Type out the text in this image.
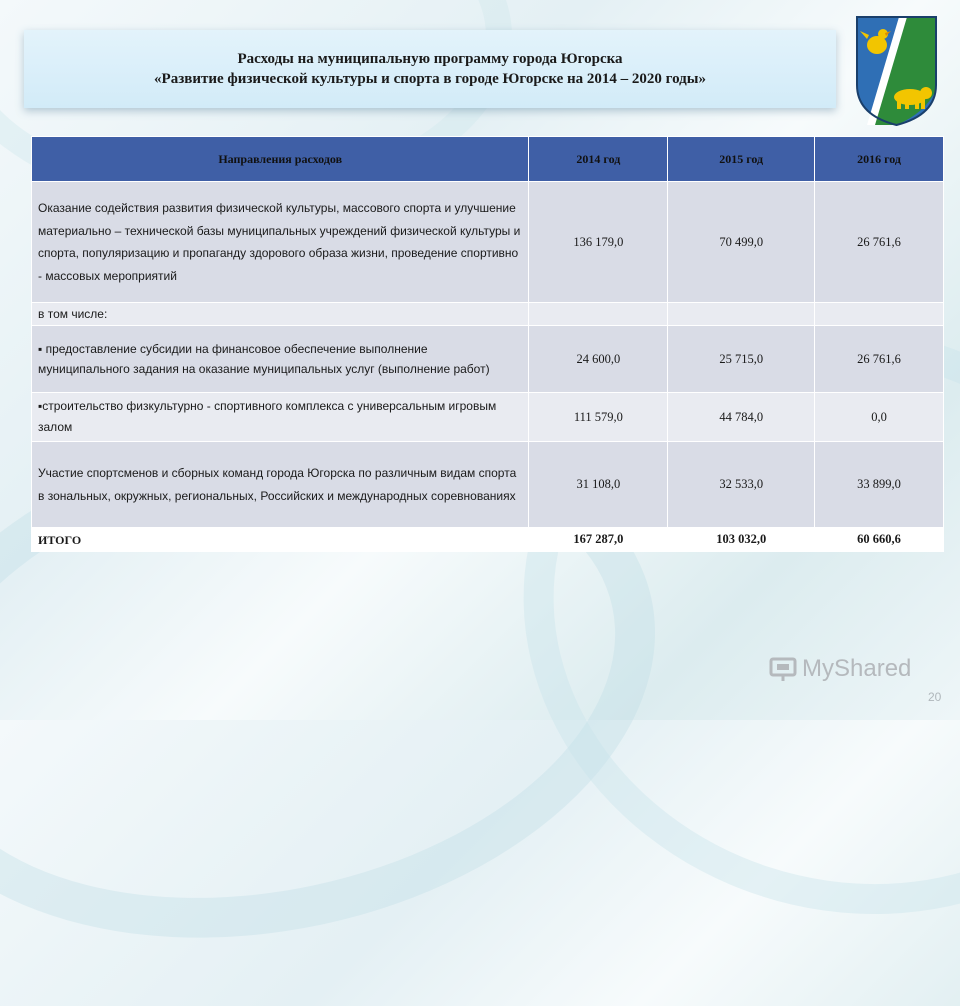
Расходы на муниципальную программу города Югорска
«Развитие физической культуры и спорта в городе Югорске на 2014 – 2020 годы»
Направления расходов	2014 год	2015 год	2016 год
Оказание содействия развития физической культуры, массового спорта и улучшение материально – технической базы муниципальных учреждений физической культуры и спорта, популяризацию и пропаганду здорового образа жизни, проведение спортивно - массовых мероприятий	136 179,0	70 499,0	26 761,6
в том числе:			
▪ предоставление субсидии на финансовое обеспечение выполнение муниципального задания на оказание муниципальных услуг (выполнение работ)	24 600,0	25 715,0	26 761,6
▪строительство физкультурно - спортивного комплекса с универсальным игровым залом	111 579,0	44 784,0	0,0
Участие спортсменов и сборных команд города Югорска по различным видам спорта в зональных, окружных, региональных, Российских и международных соревнованиях	31 108,0	32 533,0	33 899,0
ИТОГО	167 287,0	103 032,0	60 660,6
MyShared
20
